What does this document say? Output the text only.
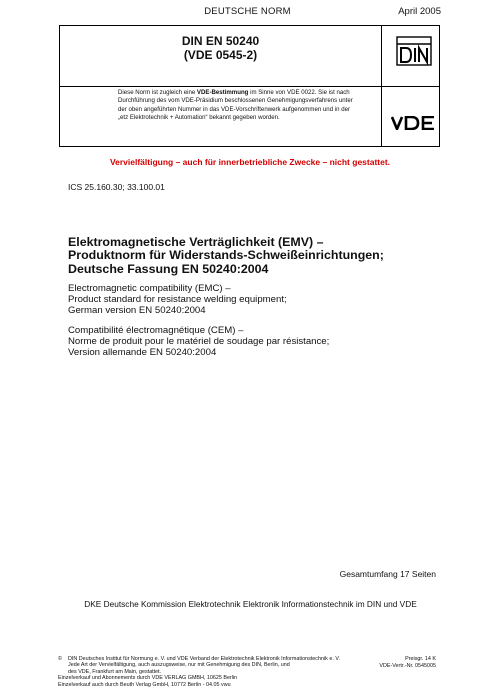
DEUTSCHE NORM	April 2005
DIN EN 50240
(VDE 0545-2)
Diese Norm ist zugleich eine VDE-Bestimmung im Sinne von VDE 0022. Sie ist nach
Durchführung des vom VDE-Präsidium beschlossenen Genehmigungsverfahrens unter
der oben angeführten Nummer in das VDE-Vorschriftenwerk aufgenommen und in der
„etz Elektrotechnik + Automation“ bekannt gegeben worden.
Vervielfältigung – auch für innerbetriebliche Zwecke – nicht gestattet.
ICS 25.160.30; 33.100.01
Elektromagnetische Verträglichkeit (EMV) –
Produktnorm für Widerstands-Schweißeinrichtungen;
Deutsche Fassung EN 50240:2004
Electromagnetic compatibility (EMC) –
Product standard for resistance welding equipment;
German version EN 50240:2004
Compatibilité électromagnétique (CEM) –
Norme de produit pour le matériel de soudage par résistance;
Version allemande EN 50240:2004
Gesamtumfang 17 Seiten
DKE Deutsche Kommission Elektrotechnik Elektronik Informationstechnik im DIN und VDE
© DIN Deutsches Institut für Normung e. V. und VDE Verband der Elektrotechnik Elektronik Informationstechnik e. V.
Jede Art der Vervielfältigung, auch auszugsweise, nur mit Genehmigung des DIN, Berlin, und
des VDE, Frankfurt am Main, gestattet.
Einzelverkauf und Abonnements durch VDE VERLAG GMBH, 10625 Berlin
Einzelverkauf auch durch Beuth Verlag GmbH, 10772 Berlin - 04.05 vwu
Preisgr. 14 K
VDE-Vertr.-Nr. 0545005
